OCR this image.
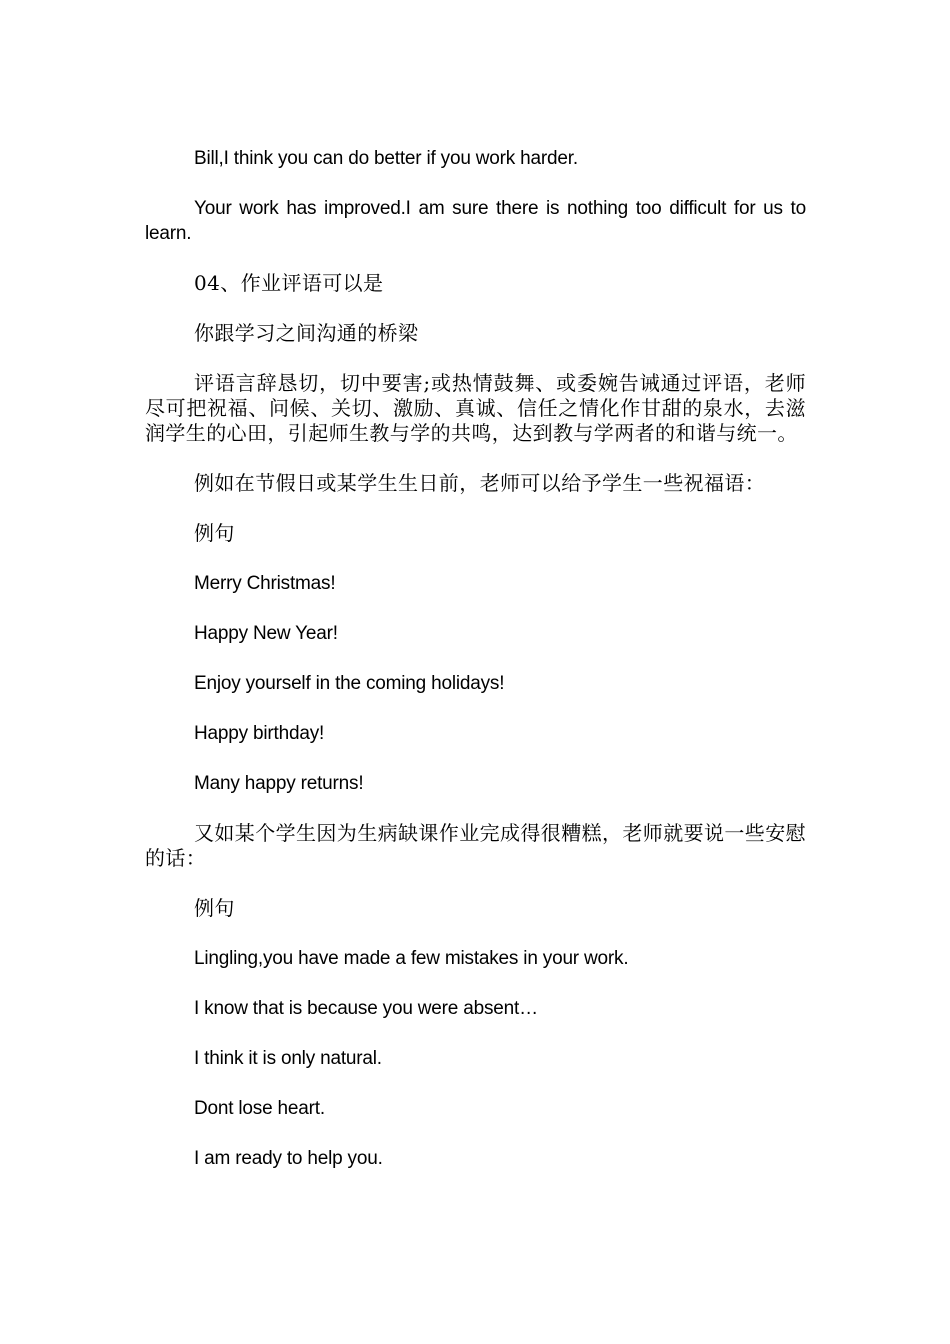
Bill,I think you can do better if you work harder.

Your work has improved.I am sure there is nothing too difficult for us to learn.

04、作业评语可以是

你跟学习之间沟通的桥梁

评语言辞恳切，切中要害;或热情鼓舞、或委婉告诫通过评语，老师尽可把祝福、问候、关切、激励、真诚、信任之情化作甘甜的泉水，去滋润学生的心田，引起师生教与学的共鸣，达到教与学两者的和谐与统一。

例如在节假日或某学生生日前，老师可以给予学生一些祝福语：

例句

Merry Christmas!

Happy New Year!

Enjoy yourself in the coming holidays!

Happy birthday!

Many happy returns!

又如某个学生因为生病缺课作业完成得很糟糕，老师就要说一些安慰的话：

例句

Lingling,you have made a few mistakes in your work.

I know that is because you were absent…

I think it is only natural.

Dont lose heart.

I am ready to help you.
